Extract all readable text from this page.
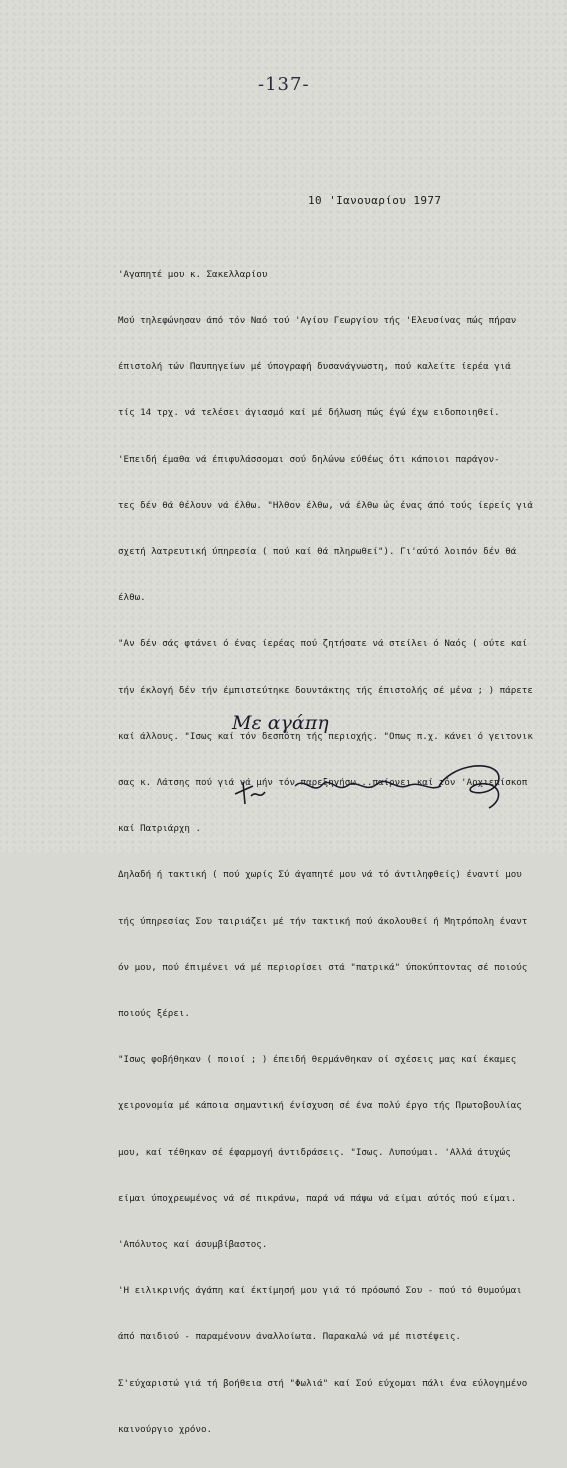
-137-
10 'Ιανουαρίου 1977

'Αγαπητέ μου κ. Σακελλαρίου

Μού τηλεφώνησαν άπό τόν Ναό τού 'Αγίου Γεωργίου τής 'Ελευσίνας πώς πήραν

έπιστολή τών Παυπηγείων μέ ύπογραφή δυσανάγνωστη, πού καλείτε ίερέα γιά

τίς 14 τρχ. νά τελέσει άγιασμό καί μέ δήλωση πώς έγώ έχω ειδοποιηθεί.

'Επειδή έμαθα νά έπιφυλάσσομαι σού δηλώνω εύθέως ότι κάποιοι παράγον-

τες δέν θά θέλουν νά έλθω. "Ηλθον έλθω, νά έλθω ώς ένας άπό τούς ίερείς γιά

σχετή λατρευτική ύπηρεσία ( πού καί θά πληρωθεί"). Γι'αύτό λοιπόν δέν θά

έλθω.

"Αν δέν σάς φτάνει ό ένας ίερέας πού ζητήσατε νά στείλει ό Ναός ( ούτε καί

τήν έκλογή δέν τήν έμπιστεύτηκε δουντάκτης τής έπιστολής σέ μένα ; ) πάρετε

καί άλλους. "Ισως καί τόν δεσπότη τής περιοχής. "Οπως π.χ. κάνει ό γειτονικ

σας κ. Λάτσης πού γιά νά μήν τόν παρεξηγήσω...παίρνει καί τόν 'Αρχιεπίσκοπ

καί Πατριάρχη .

Δηλαδή ή τακτική ( πού χωρίς Σύ άγαπητέ μου νά τό άντιληφθείς) έναντί μου

τής ύπηρεσίας Σου ταιριάζει μέ τήν τακτική πού άκολουθεί ή Μητρόπολη έναντ

όν μου, πού έπιμένει νά μέ περιορίσει στά "πατρικά" ύποκύπτοντας σέ ποιούς

ποιούς ξέρει.

"Ισως φοβήθηκαν ( ποιοί ; ) έπειδή θερμάνθηκαν οί σχέσεις μας καί έκαμες

χειρονομία μέ κάποια σημαντική ένίσχυση σέ ένα πολύ έργο τής Πρωτοβουλίας

μου, καί τέθηκαν σέ έφαρμογή άντιδράσεις. "Ισως. Λυπούμαι. 'Αλλά άτυχώς

είμαι ύποχρεωμένος νά σέ πικράνω, παρά νά πάψω νά είμαι αύτός πού είμαι.

'Απόλυτος καί άσυμβίβαστος.

'Η ειλικρινής άγάπη καί έκτίμησή μου γιά τό πρόσωπό Σου - πού τό θυμούμαι

άπό παιδιού - παραμένουν άναλλοίωτα. Παρακαλώ νά μέ πιστέψεις.

Σ'εύχαριστώ γιά τή βοήθεια στή "Φωλιά" καί Σού εύχομαι πάλι ένα εύλογημένο

καινούργιο χρόνο.

Με αγάπη
